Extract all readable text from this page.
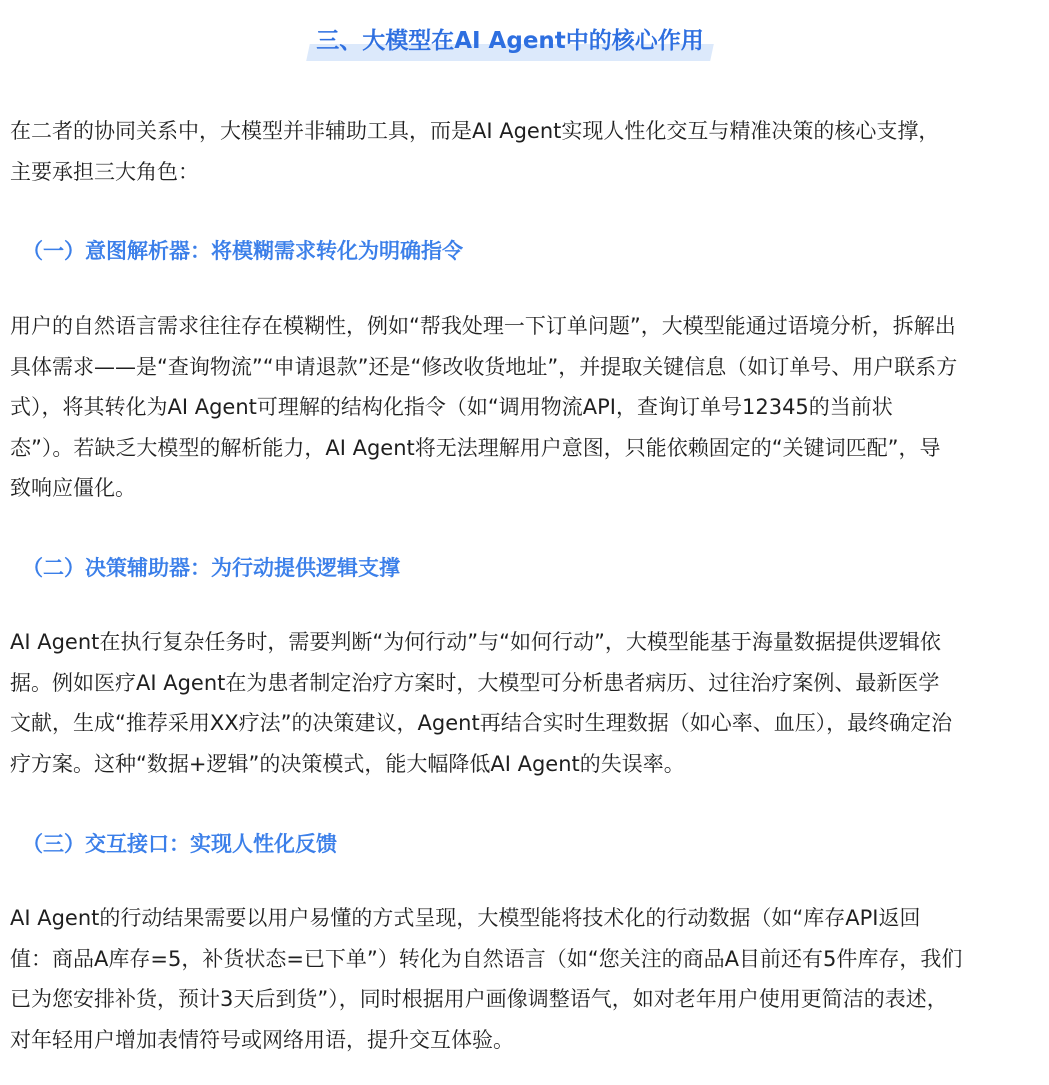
三、大模型在AI Agent中的核心作用
在二者的协同关系中，大模型并非辅助工具，而是AI Agent实现人性化交互与精准决策的核心支撑，
主要承担三大角色：
（一）意图解析器：将模糊需求转化为明确指令
用户的自然语言需求往往存在模糊性，例如“帮我处理一下订单问题”，大模型能通过语境分析，拆解出
具体需求——是“查询物流”“申请退款”还是“修改收货地址”，并提取关键信息（如订单号、用户联系方
式），将其转化为AI Agent可理解的结构化指令（如“调用物流API，查询订单号12345的当前状
态”）。若缺乏大模型的解析能力，AI Agent将无法理解用户意图，只能依赖固定的“关键词匹配”，导
致响应僵化。
（二）决策辅助器：为行动提供逻辑支撑
AI Agent在执行复杂任务时，需要判断“为何行动”与“如何行动”，大模型能基于海量数据提供逻辑依
据。例如医疗AI Agent在为患者制定治疗方案时，大模型可分析患者病历、过往治疗案例、最新医学
文献，生成“推荐采用XX疗法”的决策建议，Agent再结合实时生理数据（如心率、血压），最终确定治
疗方案。这种“数据+逻辑”的决策模式，能大幅降低AI Agent的失误率。
（三）交互接口：实现人性化反馈
AI Agent的行动结果需要以用户易懂的方式呈现，大模型能将技术化的行动数据（如“库存API返回
值：商品A库存=5，补货状态=已下单”）转化为自然语言（如“您关注的商品A目前还有5件库存，我们
已为您安排补货，预计3天后到货”），同时根据用户画像调整语气，如对老年用户使用更简洁的表述，
对年轻用户增加表情符号或网络用语，提升交互体验。
